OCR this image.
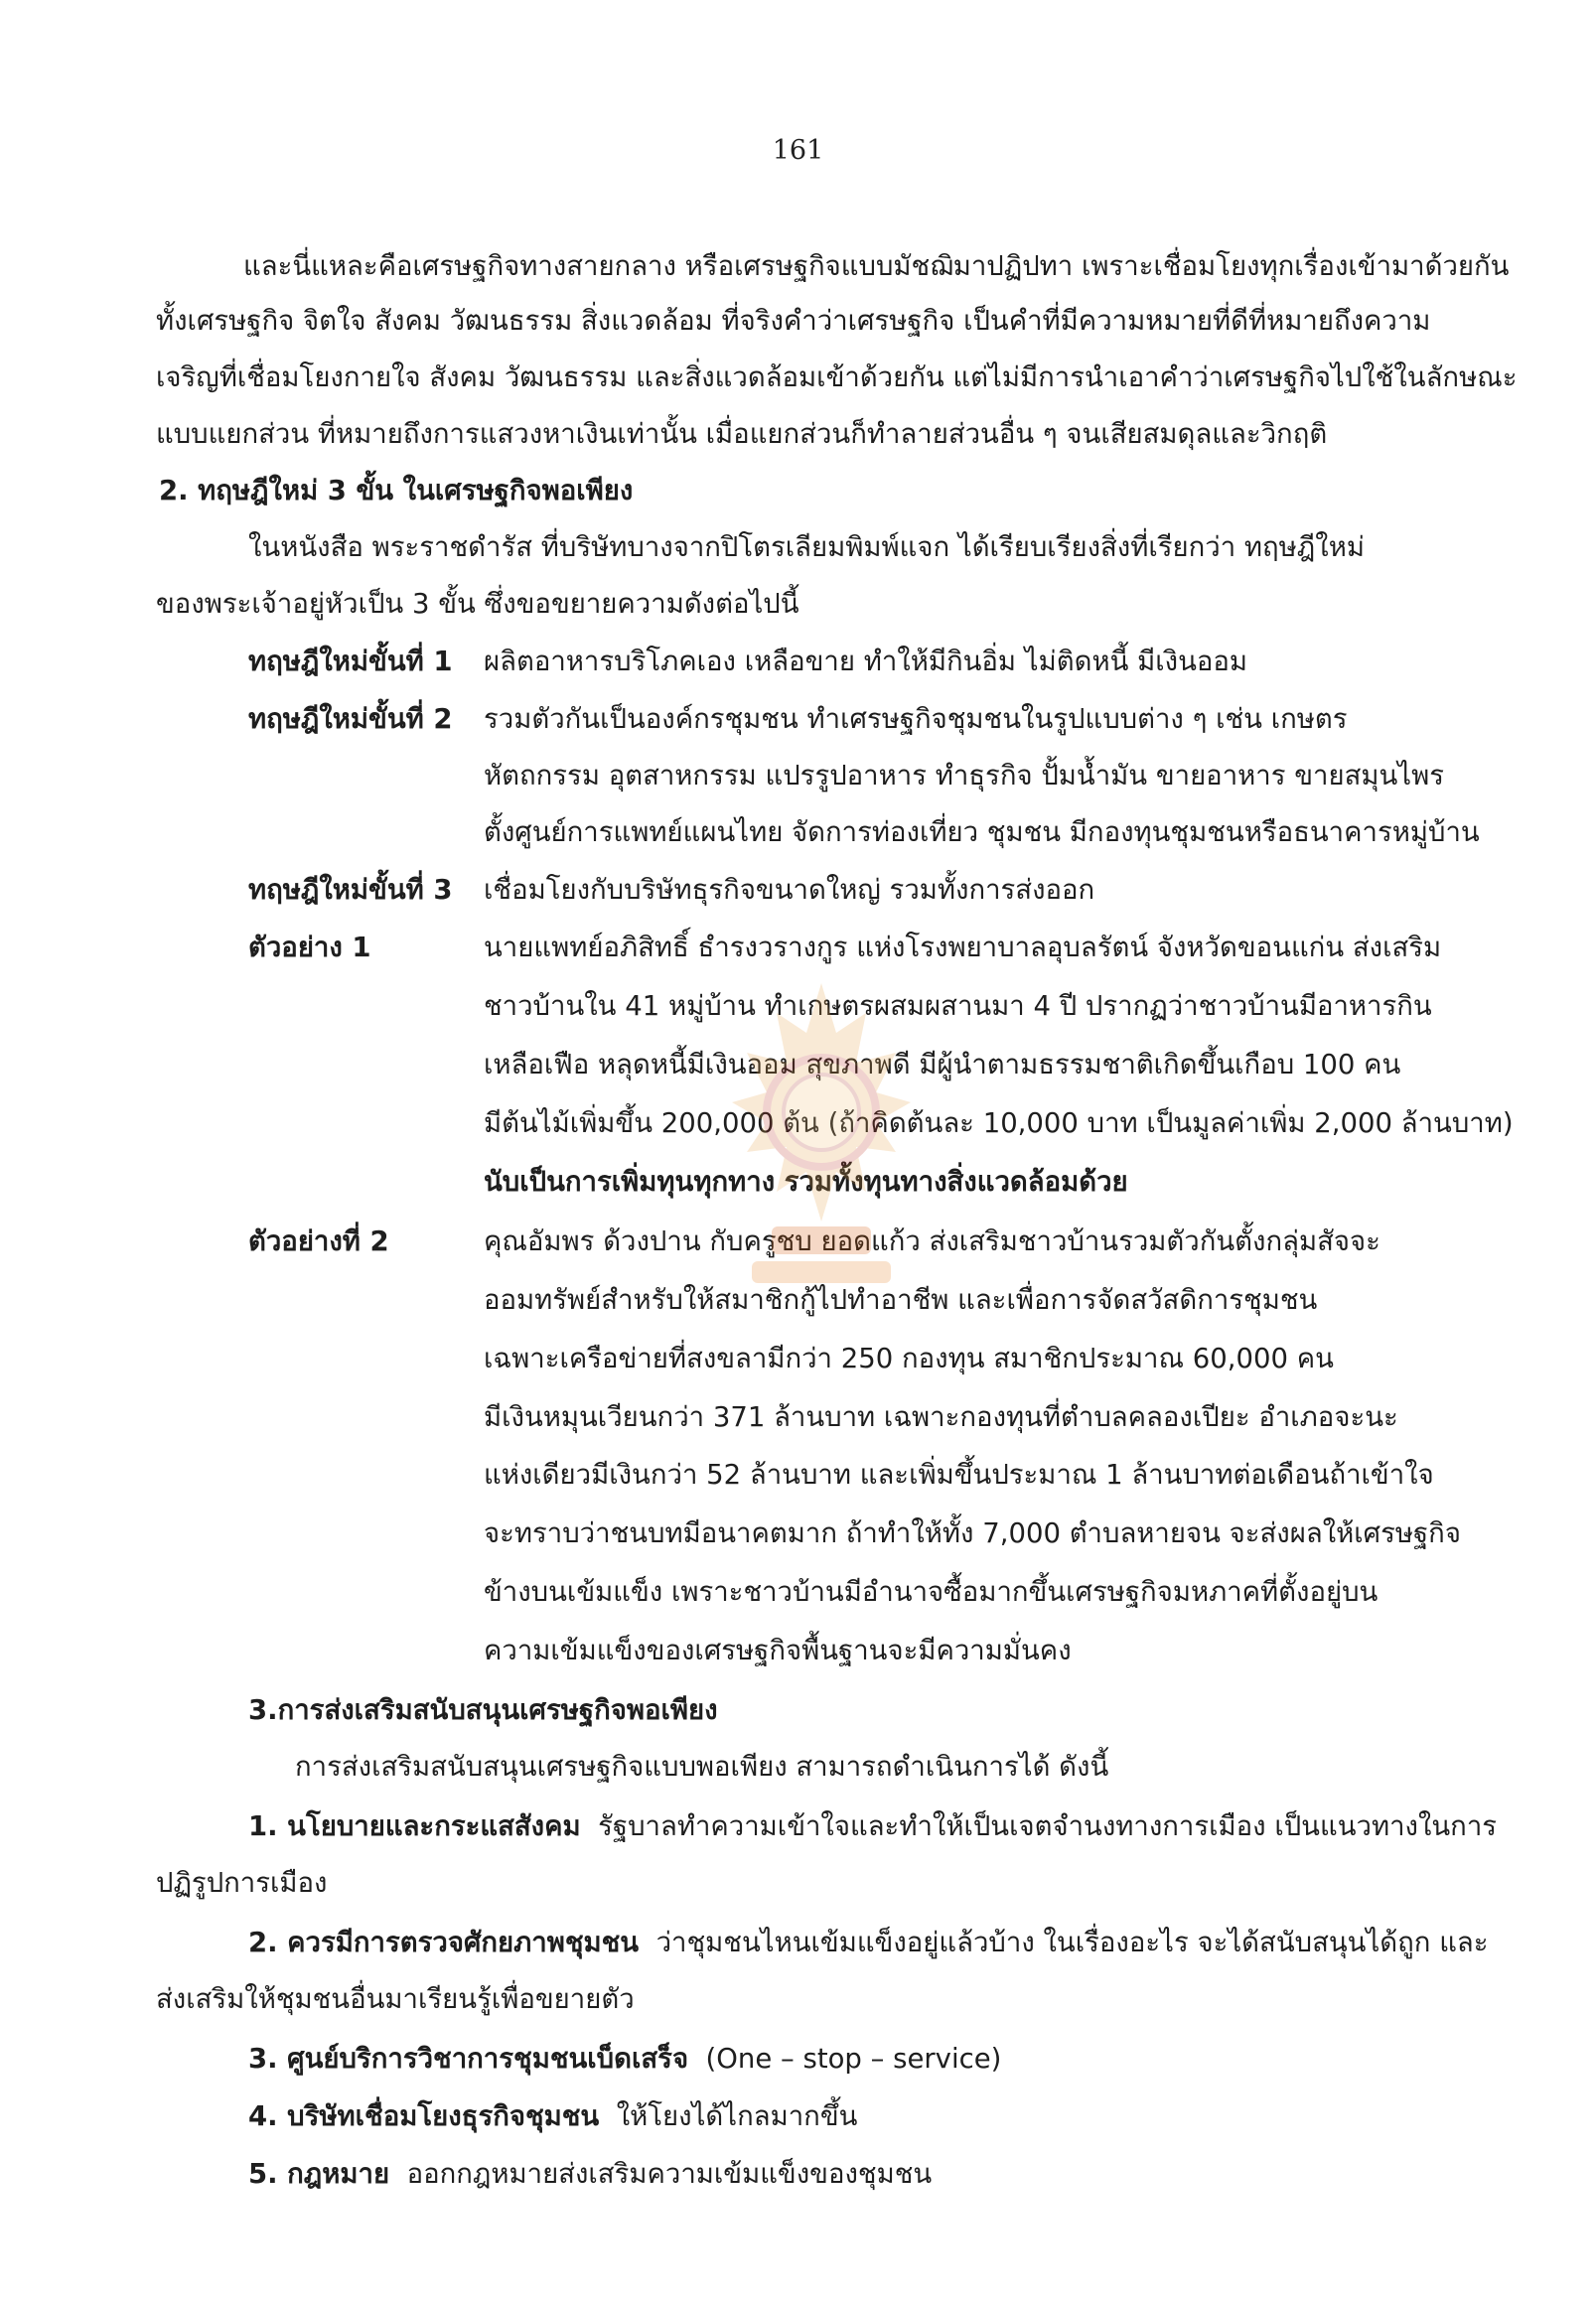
161
และนี่แหละคือเศรษฐกิจทางสายกลาง หรือเศรษฐกิจแบบมัชฌิมาปฏิปทา เพราะเชื่อมโยงทุกเรื่องเข้ามาด้วยกัน
ทั้งเศรษฐกิจ จิตใจ สังคม วัฒนธรรม สิ่งแวดล้อม ที่จริงคำว่าเศรษฐกิจ เป็นคำที่มีความหมายที่ดีที่หมายถึงความ
เจริญที่เชื่อมโยงกายใจ สังคม วัฒนธรรม และสิ่งแวดล้อมเข้าด้วยกัน แต่ไม่มีการนำเอาคำว่าเศรษฐกิจไปใช้ในลักษณะ
แบบแยกส่วน ที่หมายถึงการแสวงหาเงินเท่านั้น เมื่อแยกส่วนก็ทำลายส่วนอื่น ๆ จนเสียสมดุลและวิกฤติ
2. ทฤษฎีใหม่ 3 ขั้น ในเศรษฐกิจพอเพียง
ในหนังสือ พระราชดำรัส ที่บริษัทบางจากปิโตรเลียมพิมพ์แจก ได้เรียบเรียงสิ่งที่เรียกว่า ทฤษฎีใหม่
ของพระเจ้าอยู่หัวเป็น 3 ขั้น ซึ่งขอขยายความดังต่อไปนี้
ทฤษฎีใหม่ขั้นที่ 1 ผลิตอาหารบริโภคเอง เหลือขาย ทำให้มีกินอิ่ม ไม่ติดหนี้ มีเงินออม
ทฤษฎีใหม่ขั้นที่ 2 รวมตัวกันเป็นองค์กรชุมชน ทำเศรษฐกิจชุมชนในรูปแบบต่าง ๆ เช่น เกษตร
หัตถกรรม อุตสาหกรรม แปรรูปอาหาร ทำธุรกิจ ปั้มน้ำมัน ขายอาหาร ขายสมุนไพร
ตั้งศูนย์การแพทย์แผนไทย จัดการท่องเที่ยว ชุมชน มีกองทุนชุมชนหรือธนาคารหมู่บ้าน
ทฤษฎีใหม่ขั้นที่ 3 เชื่อมโยงกับบริษัทธุรกิจขนาดใหญ่ รวมทั้งการส่งออก
ตัวอย่าง 1	นายแพทย์อภิสิทธิ์ ธำรงวรางกูร แห่งโรงพยาบาลอุบลรัตน์ จังหวัดขอนแก่น ส่งเสริม
ชาวบ้านใน 41 หมู่บ้าน ทำเกษตรผสมผสานมา 4 ปี ปรากฏว่าชาวบ้านมีอาหารกิน
เหลือเฟือ หลุดหนี้มีเงินออม สุขภาพดี มีผู้นำตามธรรมชาติเกิดขึ้นเกือบ 100 คน
มีต้นไม้เพิ่มขึ้น 200,000 ต้น (ถ้าคิดต้นละ 10,000 บาท เป็นมูลค่าเพิ่ม 2,000 ล้านบาท)
นับเป็นการเพิ่มทุนทุกทาง รวมทั้งทุนทางสิ่งแวดล้อมด้วย
ตัวอย่างที่ 2	คุณอัมพร ด้วงปาน กับครูชบ ยอดแก้ว ส่งเสริมชาวบ้านรวมตัวกันตั้งกลุ่มสัจจะ
ออมทรัพย์สำหรับให้สมาชิกกู้ไปทำอาชีพ และเพื่อการจัดสวัสดิการชุมชน
เฉพาะเครือข่ายที่สงขลามีกว่า 250 กองทุน สมาชิกประมาณ 60,000 คน
มีเงินหมุนเวียนกว่า 371 ล้านบาท เฉพาะกองทุนที่ตำบลคลองเปียะ อำเภอจะนะ
แห่งเดียวมีเงินกว่า 52 ล้านบาท และเพิ่มขึ้นประมาณ 1 ล้านบาทต่อเดือนถ้าเข้าใจ
จะทราบว่าชนบทมีอนาคตมาก ถ้าทำให้ทั้ง 7,000 ตำบลหายจน จะส่งผลให้เศรษฐกิจ
ข้างบนเข้มแข็ง เพราะชาวบ้านมีอำนาจซื้อมากขึ้นเศรษฐกิจมหภาคที่ตั้งอยู่บน
ความเข้มแข็งของเศรษฐกิจพื้นฐานจะมีความมั่นคง
3.การส่งเสริมสนับสนุนเศรษฐกิจพอเพียง
การส่งเสริมสนับสนุนเศรษฐกิจแบบพอเพียง สามารถดำเนินการได้ ดังนี้
1. นโยบายและกระแสสังคม รัฐบาลทำความเข้าใจและทำให้เป็นเจตจำนงทางการเมือง เป็นแนวทางในการ
ปฏิรูปการเมือง
2. ควรมีการตรวจศักยภาพชุมชน ว่าชุมชนไหนเข้มแข็งอยู่แล้วบ้าง ในเรื่องอะไร จะได้สนับสนุนได้ถูก และ
ส่งเสริมให้ชุมชนอื่นมาเรียนรู้เพื่อขยายตัว
3. ศูนย์บริการวิชาการชุมชนเบ็ดเสร็จ (One – stop – service)
4. บริษัทเชื่อมโยงธุรกิจชุมชน ให้โยงได้ไกลมากขึ้น
5. กฎหมาย ออกกฎหมายส่งเสริมความเข้มแข็งของชุมชน
